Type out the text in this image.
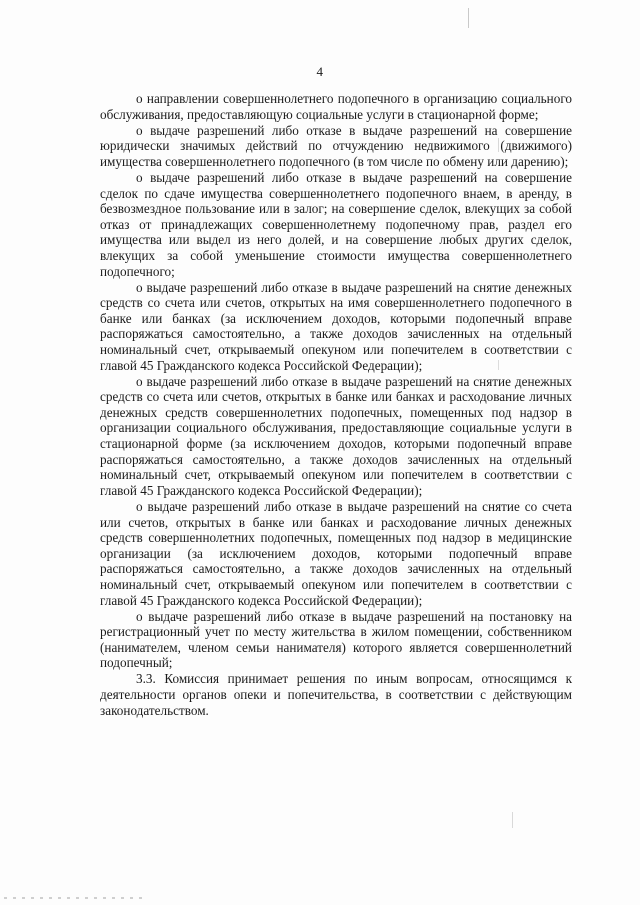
4

о направлении совершеннолетнего подопечного в организацию социального обслуживания, предоставляющую социальные услуги в стационарной форме;

о выдаче разрешений либо отказе в выдаче разрешений на совершение юридически значимых действий по отчуждению недвижимого (движимого) имущества совершеннолетнего подопечного (в том числе по обмену или дарению);

о выдаче разрешений либо отказе в выдаче разрешений на совершение сделок по сдаче имущества совершеннолетнего подопечного внаем, в аренду, в безвозмездное пользование или в залог; на совершение сделок, влекущих за собой отказ от принадлежащих совершеннолетнему подопечному прав, раздел его имущества или выдел из него долей, и на совершение любых других сделок, влекущих за собой уменьшение стоимости имущества совершеннолетнего подопечного;

о выдаче разрешений либо отказе в выдаче разрешений на снятие денежных средств со счета или счетов, открытых на имя совершеннолетнего подопечного в банке или банках (за исключением доходов, которыми подопечный вправе распоряжаться самостоятельно, а также доходов зачисленных на отдельный номинальный счет, открываемый опекуном или попечителем в соответствии с главой 45 Гражданского кодекса Российской Федерации);

о выдаче разрешений либо отказе в выдаче разрешений на снятие денежных средств со счета или счетов, открытых в банке или банках и расходование личных денежных средств совершеннолетних подопечных, помещенных под надзор в организации социального обслуживания, предоставляющие социальные услуги в стационарной форме (за исключением доходов, которыми подопечный вправе распоряжаться самостоятельно, а также доходов зачисленных на отдельный номинальный счет, открываемый опекуном или попечителем в соответствии с главой 45 Гражданского кодекса Российской Федерации);

о выдаче разрешений либо отказе в выдаче разрешений на снятие со счета или счетов, открытых в банке или банках и расходование личных денежных средств совершеннолетних подопечных, помещенных под надзор в медицинские организации (за исключением доходов, которыми подопечный вправе распоряжаться самостоятельно, а также доходов зачисленных на отдельный номинальный счет, открываемый опекуном или попечителем в соответствии с главой 45 Гражданского кодекса Российской Федерации);

о выдаче разрешений либо отказе в выдаче разрешений на постановку на регистрационный учет по месту жительства в жилом помещении, собственником (нанимателем, членом семьи нанимателя) которого является совершеннолетний подопечный;

3.3. Комиссия принимает решения по иным вопросам, относящимся к деятельности органов опеки и попечительства, в соответствии с действующим законодательством.
